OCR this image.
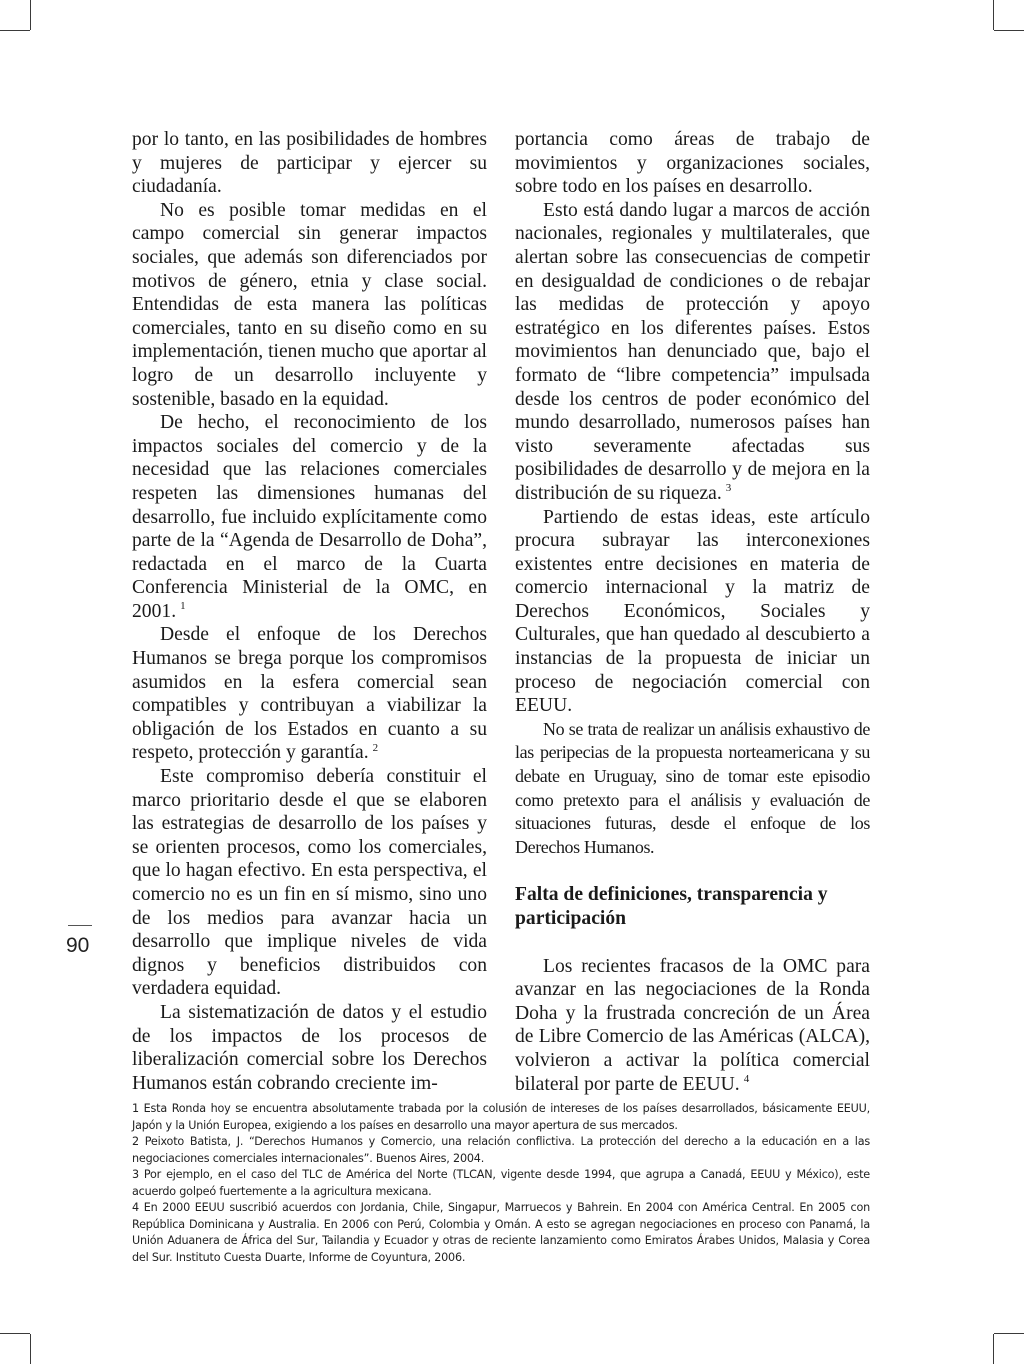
90

por lo tanto, en las posibilidades de hombres y mujeres de participar y ejercer su ciudadanía.

No es posible tomar medidas en el campo comercial sin generar impactos sociales, que además son diferenciados por motivos de género, etnia y clase social. Entendidas de esta manera las políticas comerciales, tanto en su diseño como en su implementación, tienen mucho que aportar al logro de un desarrollo incluyente y sostenible, basado en la equidad.

De hecho, el reconocimiento de los impactos sociales del comercio y de la necesidad que las relaciones comerciales respeten las dimensiones humanas del desarrollo, fue incluido explícitamente como parte de la “Agenda de Desarrollo de Doha”, redactada en el marco de la Cuarta Conferencia Ministerial de la OMC, en 2001. $^1$

Desde el enfoque de los Derechos Humanos se brega porque los compromisos asumidos en la esfera comercial sean compatibles y contribuyan a viabilizar la obligación de los Estados en cuanto a su respeto, protección y garantía. $^2$

Este compromiso debería constituir el marco prioritario desde el que se elaboren las estrategias de desarrollo de los países y se orienten procesos, como los comerciales, que lo hagan efectivo. En esta perspectiva, el comercio no es un fin en sí mismo, sino uno de los medios para avanzar hacia un desarrollo que implique niveles de vida dignos y beneficios distribuidos con verdadera equidad.

La sistematización de datos y el estudio de los impactos de los procesos de liberalización comercial sobre los Derechos Humanos están cobrando creciente im-

portancia como áreas de trabajo de movimientos y organizaciones sociales, sobre todo en los países en desarrollo.

Esto está dando lugar a marcos de acción nacionales, regionales y multilaterales, que alertan sobre las consecuencias de competir en desigualdad de condiciones o de rebajar las medidas de protección y apoyo estratégico en los diferentes países. Estos movimientos han denunciado que, bajo el formato de “libre competencia” impulsada desde los centros de poder económico del mundo desarrollado, numerosos países han visto severamente afectadas sus posibilidades de desarrollo y de mejora en la distribución de su riqueza. $^3$

Partiendo de estas ideas, este artículo procura subrayar las interconexiones existentes entre decisiones en materia de comercio internacional y la matriz de Derechos Económicos, Sociales y Culturales, que han quedado al descubierto a instancias de la propuesta de iniciar un proceso de negociación comercial con EEUU.

No se trata de realizar un análisis exhaustivo de las peripecias de la propuesta norteamericana y su debate en Uruguay, sino de tomar este episodio como pretexto para el análisis y evaluación de situaciones futuras, desde el enfoque de los Derechos Humanos.

Falta de definiciones, transparencia y participación

Los recientes fracasos de la OMC para avanzar en las negociaciones de la Ronda Doha y la frustrada concreción de un Área de Libre Comercio de las Américas (ALCA), volvieron a activar la política comercial bilateral por parte de EEUU. $^4$

1 Esta Ronda hoy se encuentra absolutamente trabada por la colusión de intereses de los países desarrollados, básicamente EEUU, Japón y la Unión Europea, exigiendo a los países en desarrollo una mayor apertura de sus mercados.

2 Peixoto Batista, J. “Derechos Humanos y Comercio, una relación conflictiva. La protección del derecho a la educación en a las negociaciones comerciales internacionales”. Buenos Aires, 2004.

3 Por ejemplo, en el caso del TLC de América del Norte (TLCAN, vigente desde 1994, que agrupa a Canadá, EEUU y México), este acuerdo golpeó fuertemente a la agricultura mexicana.

4 En 2000 EEUU suscribió acuerdos con Jordania, Chile, Singapur, Marruecos y Bahrein. En 2004 con América Central. En 2005 con República Dominicana y Australia. En 2006 con Perú, Colombia y Omán. A esto se agregan negociaciones en proceso con Panamá, la Unión Aduanera de África del Sur, Tailandia y Ecuador y otras de reciente lanzamiento como Emiratos Árabes Unidos, Malasia y Corea del Sur. Instituto Cuesta Duarte, Informe de Coyuntura, 2006.
